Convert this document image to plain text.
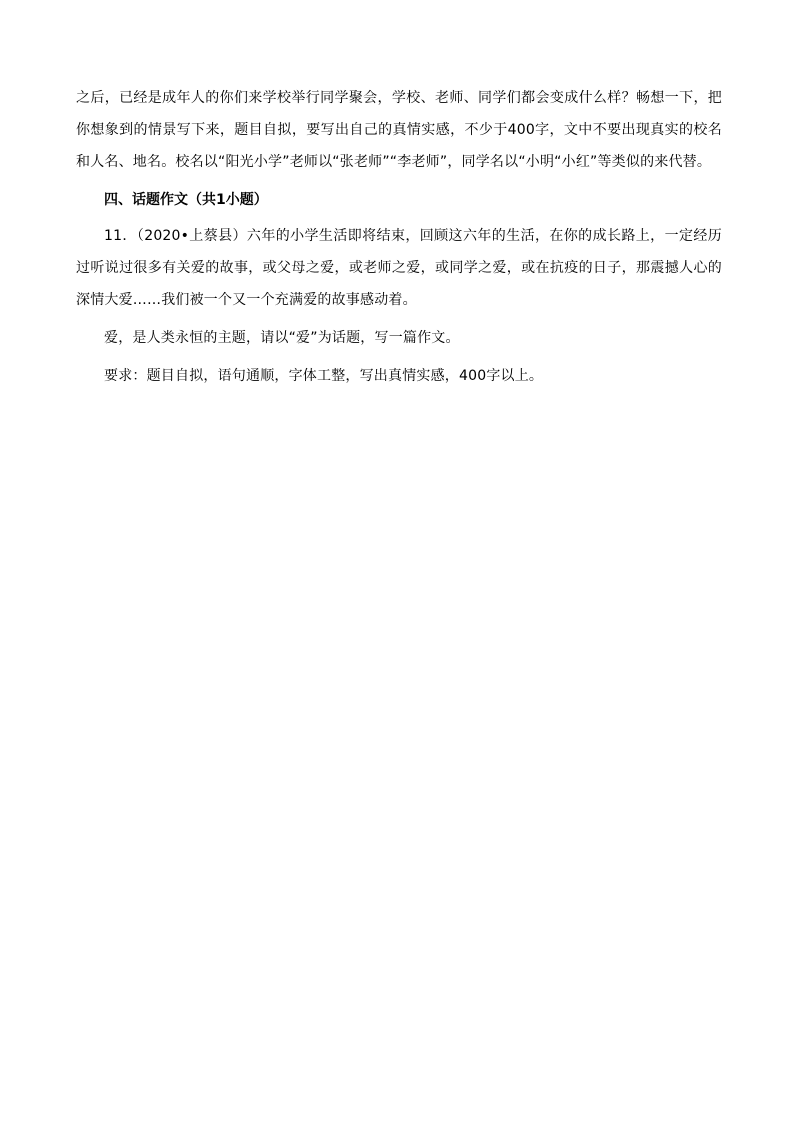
之后，已经是成年人的你们来学校举行同学聚会，学校、老师、同学们都会变成什么样？畅想一下，把你想象到的情景写下来，题目自拟，要写出自己的真情实感，不少于400字，文中不要出现真实的校名和人名、地名。校名以“阳光小学”老师以“张老师”“李老师”，同学名以“小明“小红”等类似的来代替。

四、话题作文（共1小题）

11．（2020•上蔡县）六年的小学生活即将结束，回顾这六年的生活，在你的成长路上，一定经历过听说过很多有关爱的故事，或父母之爱，或老师之爱，或同学之爱，或在抗疫的日子，那震撼人心的深情大爱……我们被一个又一个充满爱的故事感动着。

爱，是人类永恒的主题，请以“爱”为话题，写一篇作文。

要求：题目自拟，语句通顺，字体工整，写出真情实感，400字以上。
